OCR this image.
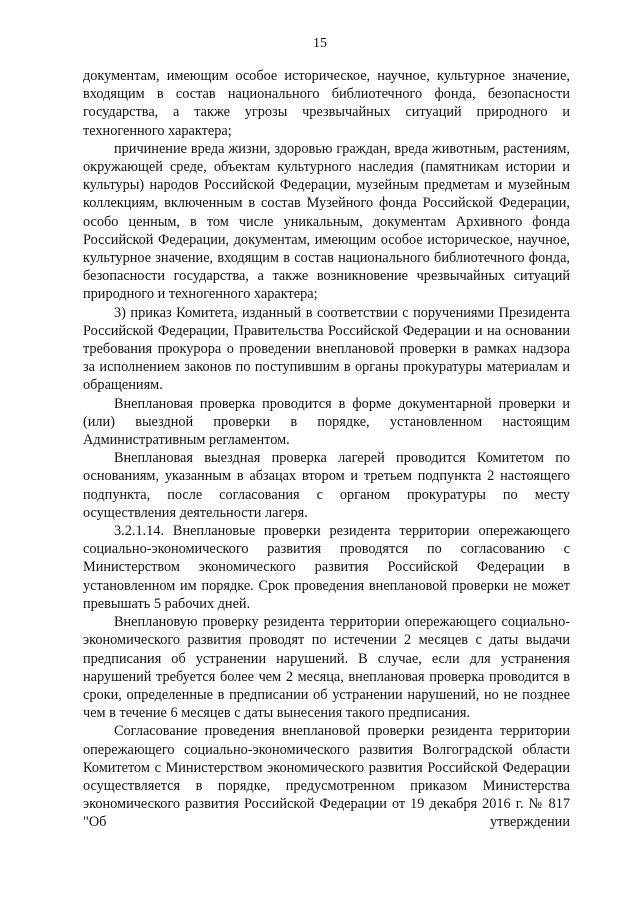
15

документам, имеющим особое историческое, научное, культурное значение, входящим в состав национального библиотечного фонда, безопасности государства, а также угрозы чрезвычайных ситуаций природного и техногенного характера;

причинение вреда жизни, здоровью граждан, вреда животным, растениям, окружающей среде, объектам культурного наследия (памятникам истории и культуры) народов Российской Федерации, музейным предметам и музейным коллекциям, включенным в состав Музейного фонда Российской Федерации, особо ценным, в том числе уникальным, документам Архивного фонда Российской Федерации, документам, имеющим особое историческое, научное, культурное значение, входящим в состав национального библиотечного фонда, безопасности государства, а также возникновение чрезвычайных ситуаций природного и техногенного характера;

3) приказ Комитета, изданный в соответствии с поручениями Президента Российской Федерации, Правительства Российской Федерации и на основании требования прокурора о проведении внеплановой проверки в рамках надзора за исполнением законов по поступившим в органы прокуратуры материалам и обращениям.

Внеплановая проверка проводится в форме документарной проверки и (или) выездной проверки в порядке, установленном настоящим Административным регламентом.

Внеплановая выездная проверка лагерей проводится Комитетом по основаниям, указанным в абзацах втором и третьем подпункта 2 настоящего подпункта, после согласования с органом прокуратуры по месту осуществления деятельности лагеря.

3.2.1.14. Внеплановые проверки резидента территории опережающего социально-экономического развития проводятся по согласованию с Министерством экономического развития Российской Федерации в установленном им порядке. Срок проведения внеплановой проверки не может превышать 5 рабочих дней.

Внеплановую проверку резидента территории опережающего социально-экономического развития проводят по истечении 2 месяцев с даты выдачи предписания об устранении нарушений. В случае, если для устранения нарушений требуется более чем 2 месяца, внеплановая проверка проводится в сроки, определенные в предписании об устранении нарушений, но не позднее чем в течение 6 месяцев с даты вынесения такого предписания.

Согласование проведения внеплановой проверки резидента территории опережающего социально-экономического развития Волгоградской области Комитетом с Министерством экономического развития Российской Федерации осуществляется в порядке, предусмотренном приказом Министерства экономического развития Российской Федерации от 19 декабря 2016 г. № 817 "Об утверждении
